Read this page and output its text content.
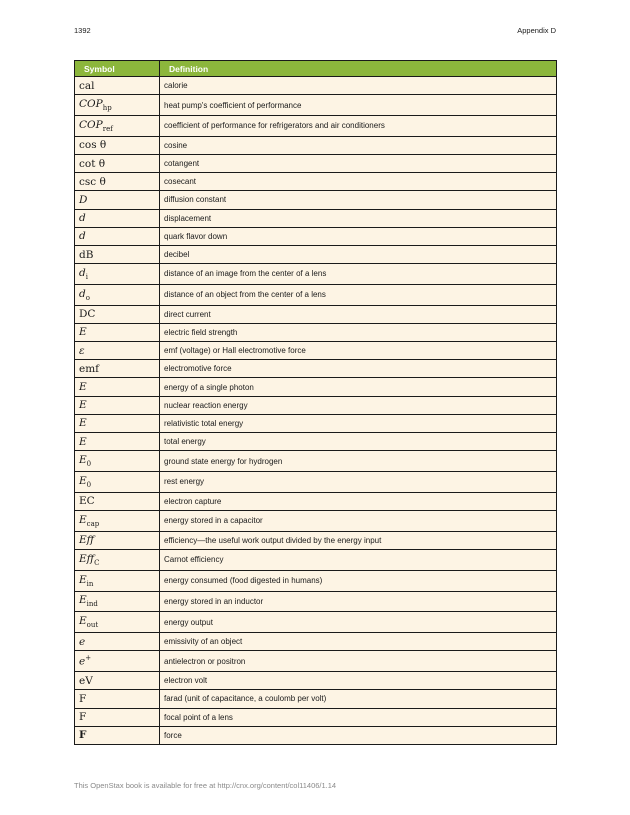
1392	Appendix D
Symbol	Definition
cal	calorie
$COP_{hp}$	heat pump's coefficient of performance
$COP_{ref}$	coefficient of performance for refrigerators and air conditioners
cos θ	cosine
cot θ	cotangent
csc θ	cosecant
D	diffusion constant
d	displacement
d	quark flavor down
dB	decibel
$d_i$	distance of an image from the center of a lens
$d_o$	distance of an object from the center of a lens
DC	direct current
E	electric field strength
ε	emf (voltage) or Hall electromotive force
emf	electromotive force
E	energy of a single photon
E	nuclear reaction energy
E	relativistic total energy
E	total energy
$E_0$	ground state energy for hydrogen
$E_0$	rest energy
EC	electron capture
$E_{cap}$	energy stored in a capacitor
Eff	efficiency—the useful work output divided by the energy input
Eff$_C$	Carnot efficiency
$E_{in}$	energy consumed (food digested in humans)
$E_{ind}$	energy stored in an inductor
$E_{out}$	energy output
e	emissivity of an object
e+	antielectron or positron
eV	electron volt
F	farad (unit of capacitance, a coulomb per volt)
F	focal point of a lens
F	force
This OpenStax book is available for free at http://cnx.org/content/col11406/1.14
